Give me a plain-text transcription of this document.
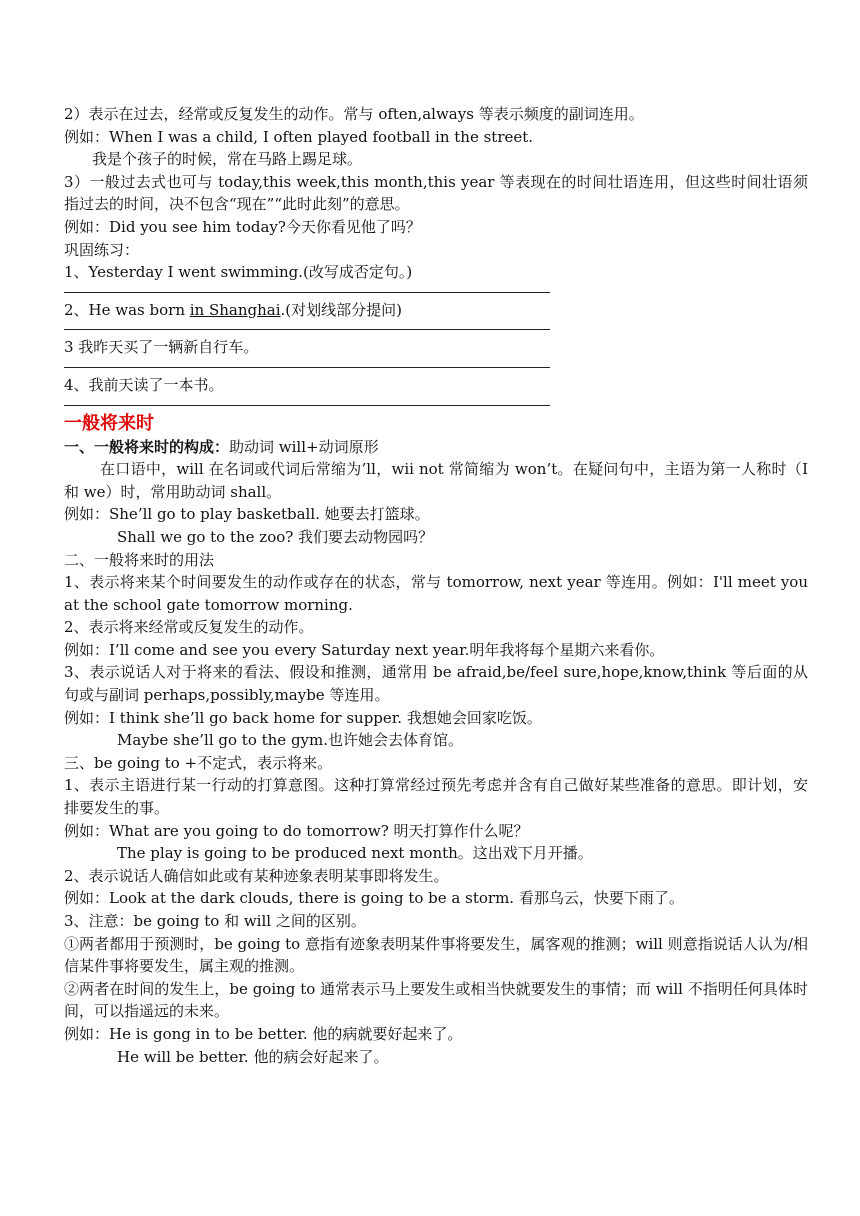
2）表示在过去，经常或反复发生的动作。常与 often,always 等表示频度的副词连用。
例如：When I was a child, I often played football in the street.
我是个孩子的时候，常在马路上踢足球。
3）一般过去式也可与 today,this week,this month,this year 等表现在的时间壮语连用，但这些时间壮语须指过去的时间，决不包含“现在”“此时此刻”的意思。
例如：Did you see him today?今天你看见他了吗？
巩固练习：
1、Yesterday I went swimming.(改写成否定句。)
2、He was born in Shanghai.(对划线部分提问)
3 我昨天买了一辆新自行车。
4、我前天读了一本书。
一般将来时
一、一般将来时的构成：助动词 will+动词原形
在口语中，will 在名词或代词后常缩为’ll，wii not 常简缩为 won’t。在疑问句中，主语为第一人称时（I 和 we）时，常用助动词 shall。
例如：She’ll go to play basketball. 她要去打篮球。
Shall we go to the zoo? 我们要去动物园吗？
二、一般将来时的用法
1、表示将来某个时间要发生的动作或存在的状态，常与 tomorrow, next year 等连用。例如：I'll meet you at the school gate tomorrow morning.
2、表示将来经常或反复发生的动作。
例如：I’ll come and see you every Saturday next year.明年我将每个星期六来看你。
3、表示说话人对于将来的看法、假设和推测，通常用 be afraid,be/feel sure,hope,know,think 等后面的从句或与副词 perhaps,possibly,maybe 等连用。
例如：I think she’ll go back home for supper. 我想她会回家吃饭。
Maybe she’ll go to the gym.也许她会去体育馆。
三、be going to +不定式，表示将来。
1、表示主语进行某一行动的打算意图。这种打算常经过预先考虑并含有自己做好某些准备的意思。即计划，安排要发生的事。
例如：What are you going to do tomorrow? 明天打算作什么呢？
The play is going to be produced next month。这出戏下月开播。
2、表示说话人确信如此或有某种迹象表明某事即将发生。
例如：Look at the dark clouds, there is going to be a storm. 看那乌云，快要下雨了。
3、注意：be going to 和 will 之间的区别。
①两者都用于预测时，be going to 意指有迹象表明某件事将要发生，属客观的推测；will 则意指说话人认为/相信某件事将要发生，属主观的推测。
②两者在时间的发生上，be going to 通常表示马上要发生或相当快就要发生的事情；而 will 不指明任何具体时间，可以指遥远的未来。
例如：He is gong in to be better. 他的病就要好起来了。
He will be better. 他的病会好起来了。
